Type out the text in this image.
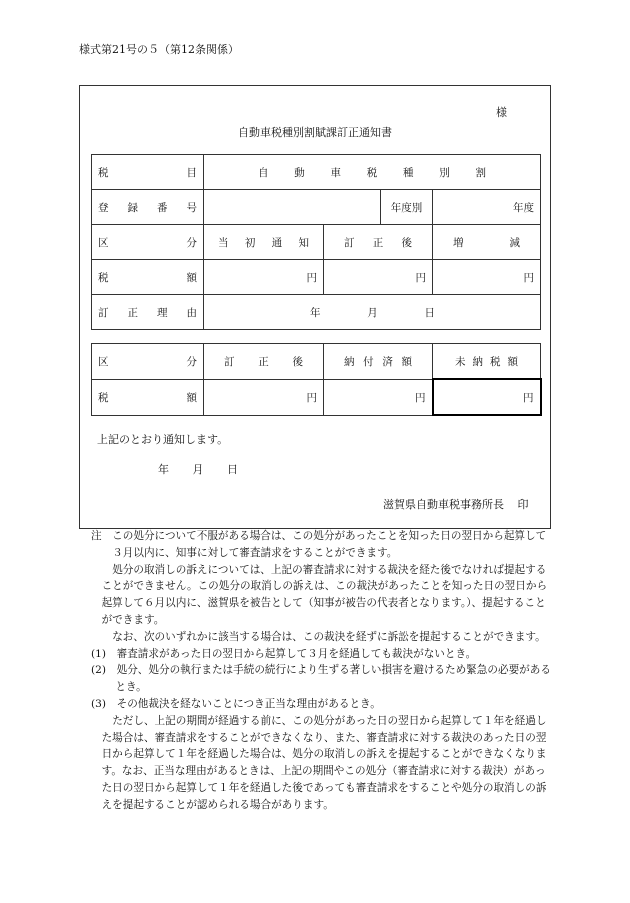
様式第21号の５（第12条関係）
様
自動車税種別割賦課訂正通知書
税目	自動車税種別割			
登録番号			年度別	年度
区分	当初通知	訂正後		増減
税額	円	円		円
訂正理由	年 月 日			
区分	訂正後	納付済額	未納税額
税額	円	円	円
上記のとおり通知します。
年 月 日
滋賀県自動車税事務所長 印

注　この処分について不服がある場合は、この処分があったことを知った日の翌日から起算して３月以内に、知事に対して審査請求をすることができます。

処分の取消しの訴えについては、上記の審査請求に対する裁決を経た後でなければ提起することができません。この処分の取消しの訴えは、この裁決があったことを知った日の翌日から起算して６月以内に、滋賀県を被告として（知事が被告の代表者となります。）、提起することができます。

なお、次のいずれかに該当する場合は、この裁決を経ずに訴訟を提起することができます。

(1)　審査請求があった日の翌日から起算して３月を経過しても裁決がないとき。

(2)　処分、処分の執行または手続の続行により生ずる著しい損害を避けるため緊急の必要があるとき。

(3)　その他裁決を経ないことにつき正当な理由があるとき。

ただし、上記の期間が経過する前に、この処分があった日の翌日から起算して１年を経過した場合は、審査請求をすることができなくなり、また、審査請求に対する裁決のあった日の翌日から起算して１年を経過した場合は、処分の取消しの訴えを提起することができなくなります。なお、正当な理由があるときは、上記の期間やこの処分（審査請求に対する裁決）があった日の翌日から起算して１年を経過した後であっても審査請求をすることや処分の取消しの訴えを提起することが認められる場合があります。
